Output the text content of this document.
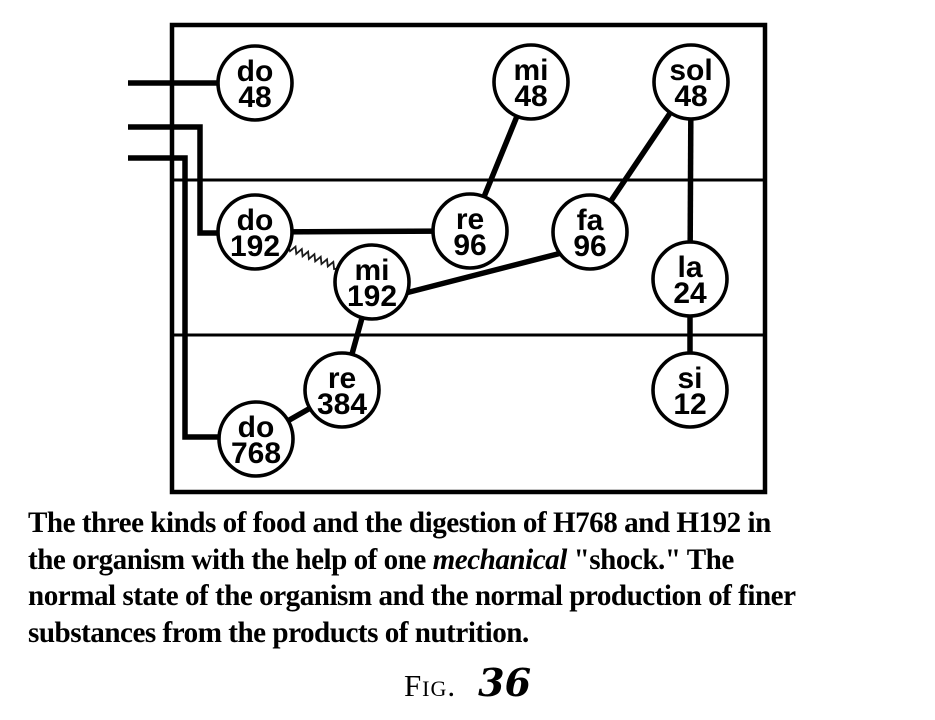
do
48
mi
48
sol
48
do
192
re
96
fa
96
mi
192
la
24
re
384
si
12
do
768
The three kinds of food and the digestion of H768 and H192 in
the organism with the help of one mechanical "shock." The
normal state of the organism and the normal production of finer
substances from the products of nutrition.
Fig. 36
